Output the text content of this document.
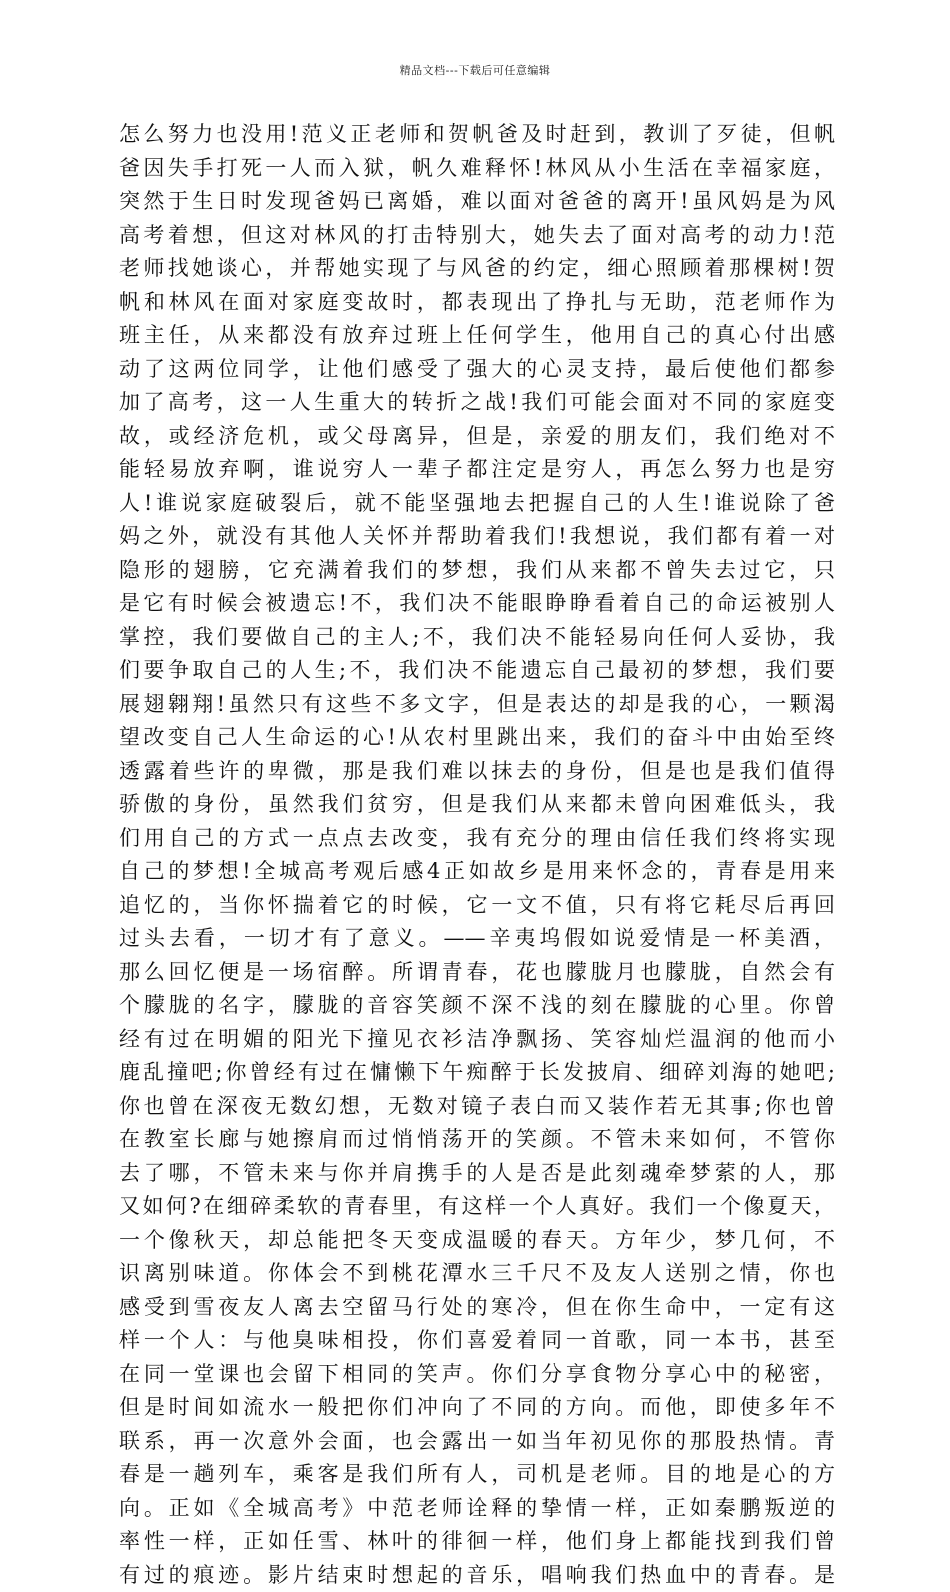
精品文档---下载后可任意编辑
怎么努力也没用!范义正老师和贺帆爸及时赶到，教训了歹徒，但帆
爸因失手打死一人而入狱，帆久难释怀!林风从小生活在幸福家庭，
突然于生日时发现爸妈已离婚，难以面对爸爸的离开!虽风妈是为风
高考着想，但这对林风的打击特别大，她失去了面对高考的动力!范
老师找她谈心，并帮她实现了与风爸的约定，细心照顾着那棵树!贺
帆和林风在面对家庭变故时，都表现出了挣扎与无助，范老师作为
班主任，从来都没有放弃过班上任何学生，他用自己的真心付出感
动了这两位同学，让他们感受了强大的心灵支持，最后使他们都参
加了高考，这一人生重大的转折之战!我们可能会面对不同的家庭变
故，或经济危机，或父母离异，但是，亲爱的朋友们，我们绝对不
能轻易放弃啊，谁说穷人一辈子都注定是穷人，再怎么努力也是穷
人!谁说家庭破裂后，就不能坚强地去把握自己的人生!谁说除了爸
妈之外，就没有其他人关怀并帮助着我们!我想说，我们都有着一对
隐形的翅膀，它充满着我们的梦想，我们从来都不曾失去过它，只
是它有时候会被遗忘!不，我们决不能眼睁睁看着自己的命运被别人
掌控，我们要做自己的主人;不，我们决不能轻易向任何人妥协，我
们要争取自己的人生;不，我们决不能遗忘自己最初的梦想，我们要
展翅翱翔!虽然只有这些不多文字，但是表达的却是我的心，一颗渴
望改变自己人生命运的心!从农村里跳出来，我们的奋斗中由始至终
透露着些许的卑微，那是我们难以抹去的身份，但是也是我们值得
骄傲的身份，虽然我们贫穷，但是我们从来都未曾向困难低头，我
们用自己的方式一点点去改变，我有充分的理由信任我们终将实现
自己的梦想!全城高考观后感4正如故乡是用来怀念的，青春是用来
追忆的，当你怀揣着它的时候，它一文不值，只有将它耗尽后再回
过头去看，一切才有了意义。——辛夷坞假如说爱情是一杯美酒，
那么回忆便是一场宿醉。所谓青春，花也朦胧月也朦胧，自然会有
个朦胧的名字，朦胧的音容笑颜不深不浅的刻在朦胧的心里。你曾
经有过在明媚的阳光下撞见衣衫洁净飘扬、笑容灿烂温润的他而小
鹿乱撞吧;你曾经有过在慵懒下午痴醉于长发披肩、细碎刘海的她吧;
你也曾在深夜无数幻想，无数对镜子表白而又装作若无其事;你也曾
在教室长廊与她擦肩而过悄悄荡开的笑颜。不管未来如何，不管你
去了哪，不管未来与你并肩携手的人是否是此刻魂牵梦萦的人，那
又如何?在细碎柔软的青春里，有这样一个人真好。我们一个像夏天，
一个像秋天，却总能把冬天变成温暖的春天。方年少，梦几何，不
识离别味道。你体会不到桃花潭水三千尺不及友人送别之情，你也
感受到雪夜友人离去空留马行处的寒冷，但在你生命中，一定有这
样一个人：与他臭味相投，你们喜爱着同一首歌，同一本书，甚至
在同一堂课也会留下相同的笑声。你们分享食物分享心中的秘密，
但是时间如流水一般把你们冲向了不同的方向。而他，即使多年不
联系，再一次意外会面，也会露出一如当年初见你的那股热情。青
春是一趟列车，乘客是我们所有人，司机是老师。目的地是心的方
向。正如《全城高考》中范老师诠释的挚情一样，正如秦鹏叛逆的
率性一样，正如任雪、林叶的徘徊一样，他们身上都能找到我们曾
有过的痕迹。影片结束时想起的音乐，唱响我们热血中的青春。是
